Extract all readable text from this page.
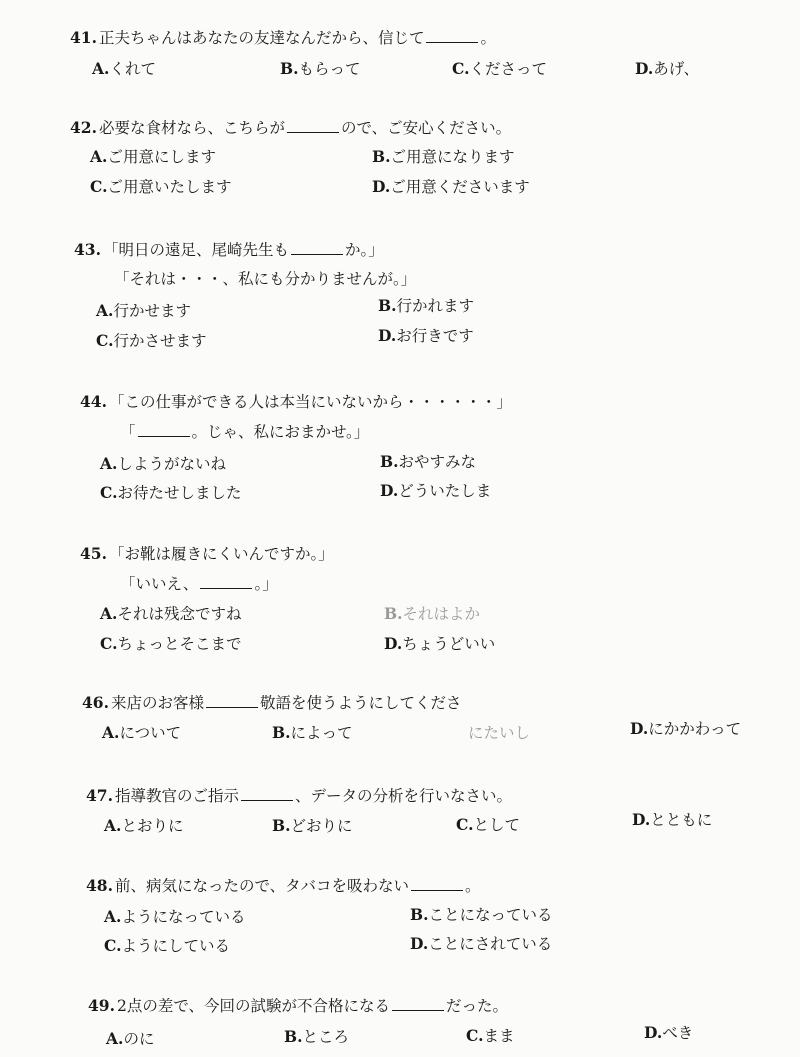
41. 正夫ちゃんはあなたの友達なんだから、信じて	。
A.くれて	B.もらって	C.くださって	D.あげ、
42. 必要な食材なら、こちらが	ので、ご安心ください。
A.ご用意にします	B.ご用意になります
C.ご用意いたします	D.ご用意くださいます
43. 「明日の遠足、尾崎先生も	か。」
「それは・・・、私にも分かりませんが。」
A.行かせます	B.行かれます
C.行かさせます	D.お行きです
44. 「この仕事ができる人は本当にいないから・・・・・・」
「	。じゃ、私におまかせ。」
A.しようがないね	B.おやすみな
C.お待たせしました	D.どういたしま
45. 「お靴は履きにくいんですか。」
「いいえ、	。」
A.それは残念ですね	B.それはよか
C.ちょっとそこまで	D.ちょうどいい
46. 来店のお客様	敬語を使うようにしてくださ
A.について	B.によって	にたいし	D.にかかわって
47. 指導教官のご指示	、データの分析を行いなさい。
A.とおりに	B.どおりに	C.として	D.とともに
48. 前、病気になったので、タバコを吸わない	。
A.ようになっている	B.ことになっている
C.ようにしている	D.ことにされている
49. 2点の差で、今回の試験が不合格になる	だった。
A.のに	B.ところ	C.まま	D.べき
